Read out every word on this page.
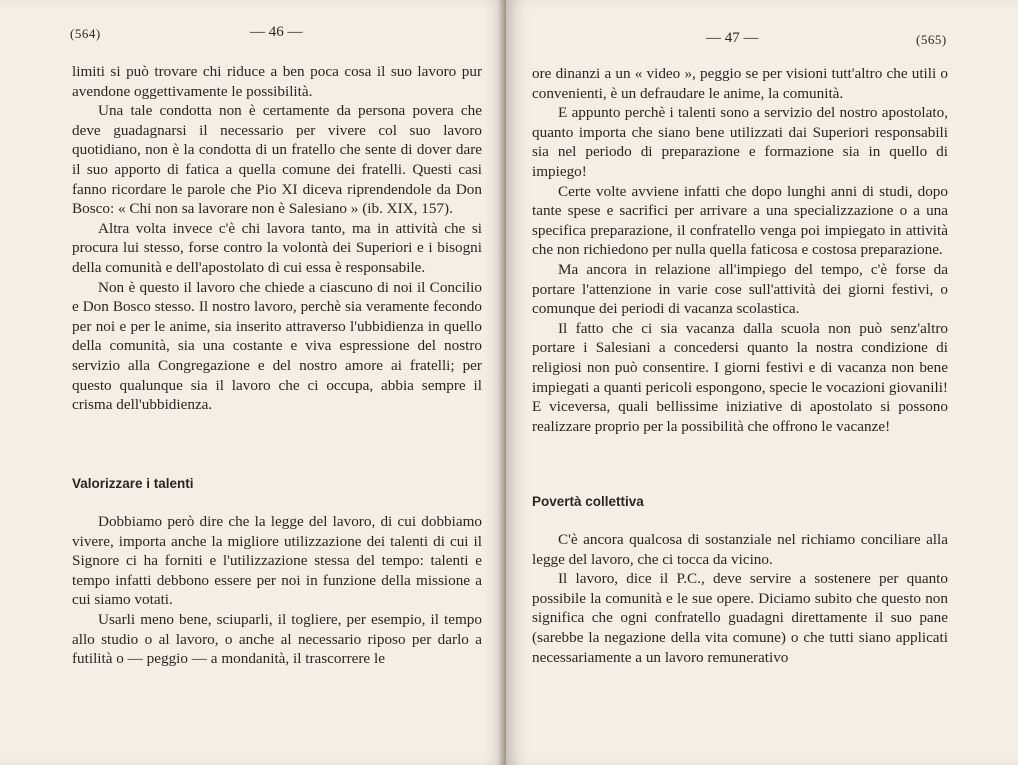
(564)	— 46 —

limiti si può trovare chi riduce a ben poca cosa il suo lavoro pur avendone oggettivamente le possibilità.

Una tale condotta non è certamente da persona povera che deve guadagnarsi il necessario per vivere col suo lavoro quotidiano, non è la condotta di un fratello che sente di dover dare il suo apporto di fatica a quella comune dei fratelli. Questi casi fanno ricordare le parole che Pio XI diceva riprendendole da Don Bosco: « Chi non sa lavorare non è Salesiano » (ib. XIX, 157).

Altra volta invece c'è chi lavora tanto, ma in attività che si procura lui stesso, forse contro la volontà dei Superiori e i bisogni della comunità e dell'apostolato di cui essa è responsabile.

Non è questo il lavoro che chiede a ciascuno di noi il Concilio e Don Bosco stesso. Il nostro lavoro, perchè sia veramente fecondo per noi e per le anime, sia inserito attraverso l'ubbidienza in quello della comunità, sia una costante e viva espressione del nostro servizio alla Congregazione e del nostro amore ai fratelli; per questo qualunque sia il lavoro che ci occupa, abbia sempre il crisma dell'ubbidienza.

Valorizzare i talenti

Dobbiamo però dire che la legge del lavoro, di cui dobbiamo vivere, importa anche la migliore utilizzazione dei talenti di cui il Signore ci ha forniti e l'utilizzazione stessa del tempo: talenti e tempo infatti debbono essere per noi in funzione della missione a cui siamo votati.

Usarli meno bene, sciuparli, il togliere, per esempio, il tempo allo studio o al lavoro, o anche al necessario riposo per darlo a futilità o — peggio — a mondanità, il trascorrere le

— 47 —	(565)

ore dinanzi a un « video », peggio se per visioni tutt'altro che utili o convenienti, è un defraudare le anime, la comunità.

E appunto perchè i talenti sono a servizio del nostro apostolato, quanto importa che siano bene utilizzati dai Superiori responsabili sia nel periodo di preparazione e formazione sia in quello di impiego!

Certe volte avviene infatti che dopo lunghi anni di studi, dopo tante spese e sacrifici per arrivare a una specializzazione o a una specifica preparazione, il confratello venga poi impiegato in attività che non richiedono per nulla quella faticosa e costosa preparazione.

Ma ancora in relazione all'impiego del tempo, c'è forse da portare l'attenzione in varie cose sull'attività dei giorni festivi, o comunque dei periodi di vacanza scolastica.

Il fatto che ci sia vacanza dalla scuola non può senz'altro portare i Salesiani a concedersi quanto la nostra condizione di religiosi non può consentire. I giorni festivi e di vacanza non bene impiegati a quanti pericoli espongono, specie le vocazioni giovanili! E viceversa, quali bellissime iniziative di apostolato si possono realizzare proprio per la possibilità che offrono le vacanze!

Povertà collettiva

C'è ancora qualcosa di sostanziale nel richiamo conciliare alla legge del lavoro, che ci tocca da vicino.

Il lavoro, dice il P.C., deve servire a sostenere per quanto possibile la comunità e le sue opere. Diciamo subito che questo non significa che ogni confratello guadagni direttamente il suo pane (sarebbe la negazione della vita comune) o che tutti siano applicati necessariamente a un lavoro remunerativo
